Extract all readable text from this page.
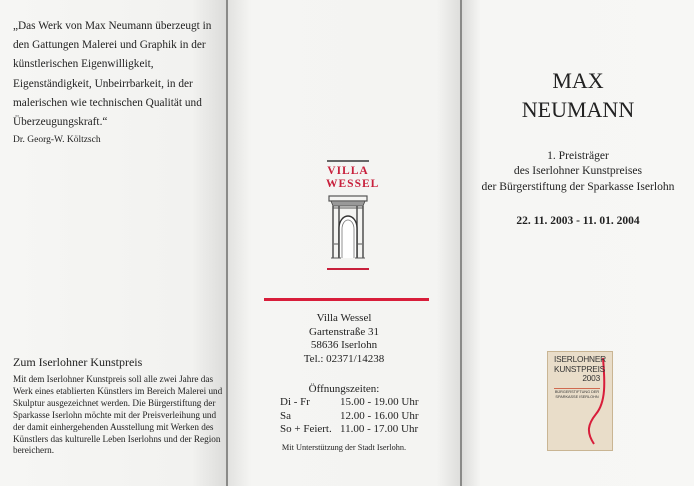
„Das Werk von Max Neumann überzeugt in den Gattungen Malerei und Graphik in der künstlerischen Eigenwilligkeit, Eigenständigkeit, Unbeirrbarkeit, in der malerischen wie technischen Qualität und Überzeugungskraft.“
Dr. Georg-W. Költzsch
Zum Iserlohner Kunstpreis
Mit dem Iserlohner Kunstpreis soll alle zwei Jahre das Werk eines etablierten Künstlers im Bereich Malerei und Skulptur ausgezeichnet werden. Die Bürgerstiftung der Sparkasse Iserlohn möchte mit der Preisverleihung und der damit einhergehenden Ausstellung mit Werken des Künstlers das kulturelle Leben Iserlohns und der Region bereichern.
VILLA
WESSEL
Villa Wessel
Gartenstraße 31
58636 Iserlohn
Tel.: 02371/14238
Öffnungszeiten:
Di - Fr	15.00 - 19.00 Uhr
Sa	12.00 - 16.00 Uhr
So + Feiert. 11.00 - 17.00 Uhr
Mit Unterstützung der Stadt Iserlohn.
MAX
NEUMANN
1. Preisträger
des Iserlohner Kunstpreises
der Bürgerstiftung der Sparkasse Iserlohn
22. 11. 2003 - 11. 01. 2004
ISERLOHNER
KUNSTPREIS
2003
BÜRGERSTIFTUNG DER
SPARKASSE ISERLOHN
